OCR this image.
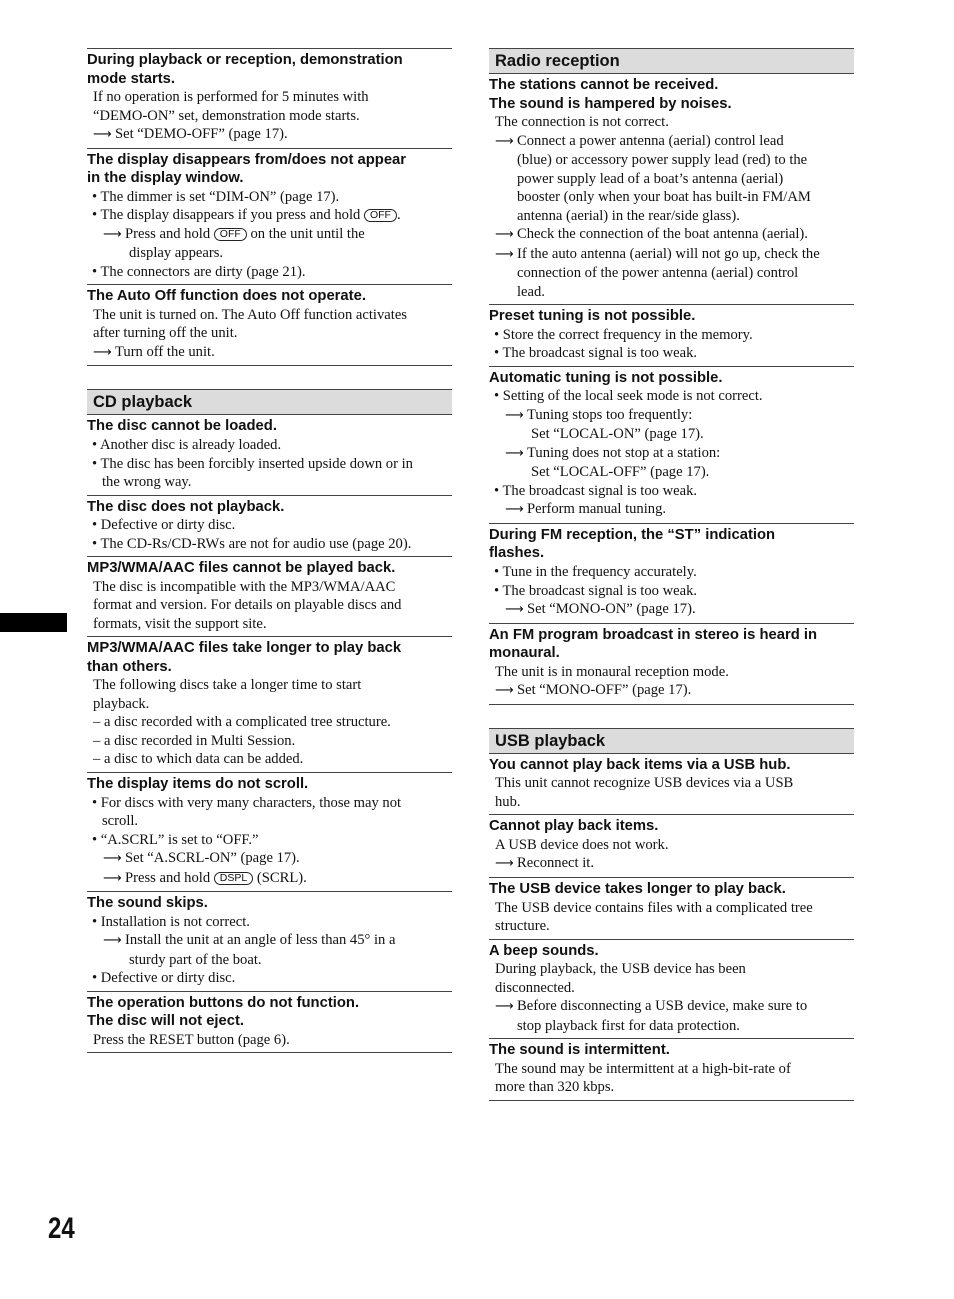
During playback or reception, demonstration
mode starts.

If no operation is performed for 5 minutes with

“DEMO-ON” set, demonstration mode starts.

⟶ Set “DEMO-OFF” (page 17).

The display disappears from/does not appear
in the display window.

• The dimmer is set “DIM-ON” (page 17).

• The display disappears if you press and hold OFF .

⟶ Press and hold OFF on the unit until the

display appears.

• The connectors are dirty (page 21).

The Auto Off function does not operate.

The unit is turned on. The Auto Off function activates

after turning off the unit.

⟶ Turn off the unit.

CD playback
The disc cannot be loaded.

• Another disc is already loaded.

• The disc has been forcibly inserted upside down or in
the wrong way.

The disc does not playback.

• Defective or dirty disc.

• The CD-Rs/CD-RWs are not for audio use (page 20).

MP3/WMA/AAC files cannot be played back.

The disc is incompatible with the MP3/WMA/AAC

format and version. For details on playable discs and

formats, visit the support site.

MP3/WMA/AAC files take longer to play back
than others.

The following discs take a longer time to start

playback.

– a disc recorded with a complicated tree structure.

– a disc recorded in Multi Session.

– a disc to which data can be added.

The display items do not scroll.

• For discs with very many characters, those may not
scroll.

• “A.SCRL” is set to “OFF.”

⟶ Set “A.SCRL-ON” (page 17).

⟶ Press and hold DSPL (SCRL).

The sound skips.

• Installation is not correct.

⟶ Install the unit at an angle of less than 45° in a

sturdy part of the boat.

• Defective or dirty disc.

The operation buttons do not function.
The disc will not eject.

Press the RESET button (page 6).

Radio reception
The stations cannot be received.
The sound is hampered by noises.

The connection is not correct.

⟶ Connect a power antenna (aerial) control lead

(blue) or accessory power supply lead (red) to the

power supply lead of a boat’s antenna (aerial)

booster (only when your boat has built-in FM/AM

antenna (aerial) in the rear/side glass).

⟶ Check the connection of the boat antenna (aerial).

⟶ If the auto antenna (aerial) will not go up, check the

connection of the power antenna (aerial) control

lead.

Preset tuning is not possible.

• Store the correct frequency in the memory.

• The broadcast signal is too weak.

Automatic tuning is not possible.

• Setting of the local seek mode is not correct.

⟶ Tuning stops too frequently:

Set “LOCAL-ON” (page 17).

⟶ Tuning does not stop at a station:

Set “LOCAL-OFF” (page 17).

• The broadcast signal is too weak.

⟶ Perform manual tuning.

During FM reception, the “ST” indication
flashes.

• Tune in the frequency accurately.

• The broadcast signal is too weak.

⟶ Set “MONO-ON” (page 17).

An FM program broadcast in stereo is heard in
monaural.

The unit is in monaural reception mode.

⟶ Set “MONO-OFF” (page 17).

USB playback
You cannot play back items via a USB hub.

This unit cannot recognize USB devices via a USB

hub.

Cannot play back items.

A USB device does not work.

⟶ Reconnect it.

The USB device takes longer to play back.

The USB device contains files with a complicated tree

structure.

A beep sounds.

During playback, the USB device has been

disconnected.

⟶ Before disconnecting a USB device, make sure to

stop playback first for data protection.

The sound is intermittent.

The sound may be intermittent at a high-bit-rate of

more than 320 kbps.

24
